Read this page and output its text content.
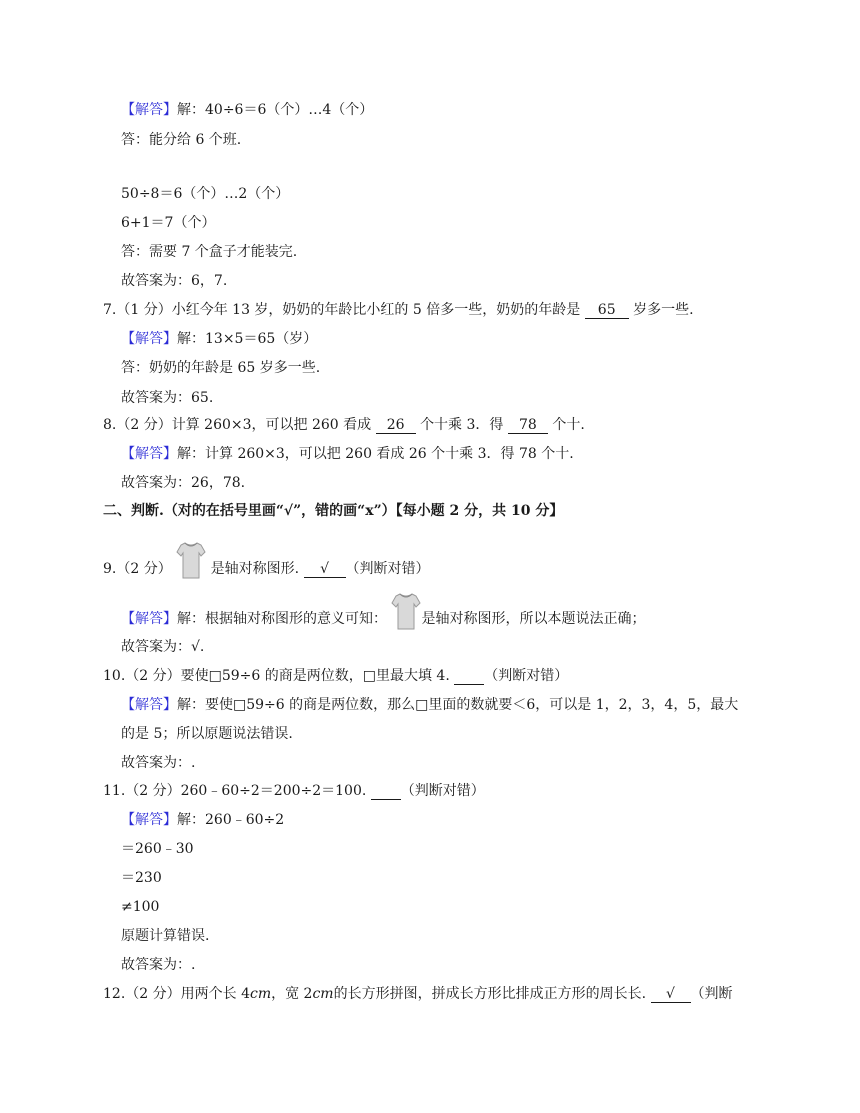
【解答】解：40÷6＝6（个）…4（个）
答：能分给 6 个班.
50÷8＝6（个）…2（个）
6+1＝7（个）
答：需要 7 个盒子才能装完.
故答案为：6，7.
7.（1 分）小红今年 13 岁，奶奶的年龄比小红的 5 倍多一些，奶奶的年龄是 65 岁多一些.
【解答】解：13×5＝65（岁）
答：奶奶的年龄是 65 岁多一些.
故答案为：65.
8.（2 分）计算 260×3，可以把 260 看成 26 个十乘 3．得 78 个十.
【解答】解：计算 260×3，可以把 260 看成 26 个十乘 3．得 78 个十.
故答案为：26，78.
二、判断.（对的在括号里画“√”，错的画“x”）【每小题 2 分，共 10 分】
9.（2 分）	是轴对称图形. √ （判断对错）
【解答】解：根据轴对称图形的意义可知： 是轴对称图形，所以本题说法正确；
故答案为：√.
10.（2 分）要使□59÷6 的商是两位数，□里最大填 4. （判断对错）
【解答】解：要使□59÷6 的商是两位数，那么□里面的数就要＜6，可以是 1，2，3，4，5，最大
的是 5；所以原题说法错误.
故答案为：.
11.（2 分）260﹣60÷2＝200÷2＝100. （判断对错）
【解答】解：260﹣60÷2
＝260﹣30
＝230
≠100
原题计算错误.
故答案为：.
12.（2 分）用两个长 4cm，宽 2cm的长方形拼图，拼成长方形比排成正方形的周长长. √ （判断
